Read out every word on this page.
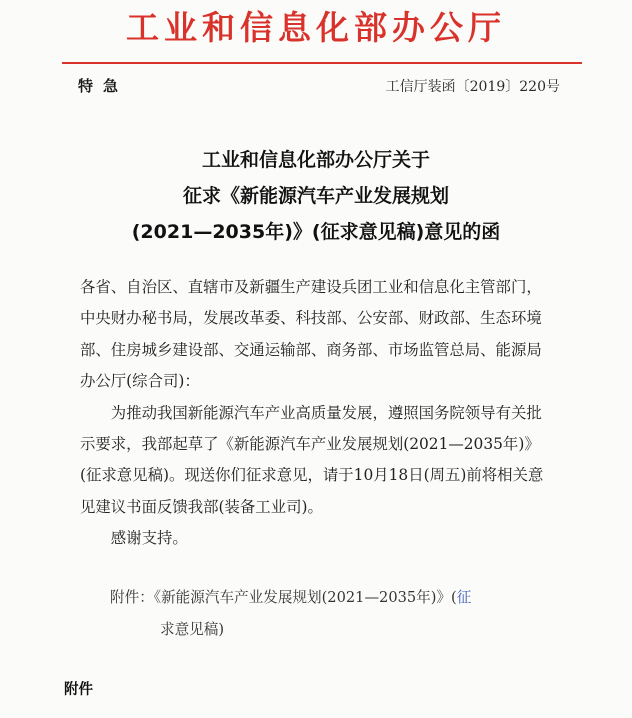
工业和信息化部办公厅
特急	工信厅装函〔2019〕220号
工业和信息化部办公厅关于
征求《新能源汽车产业发展规划
(2021—2035年)》(征求意见稿)意见的函

各省、自治区、直辖市及新疆生产建设兵团工业和信息化主管部门，中央财办秘书局，发展改革委、科技部、公安部、财政部、生态环境部、住房城乡建设部、交通运输部、商务部、市场监管总局、能源局办公厅(综合司)：

为推动我国新能源汽车产业高质量发展，遵照国务院领导有关批示要求，我部起草了《新能源汽车产业发展规划(2021—2035年)》(征求意见稿)。现送你们征求意见，请于10月18日(周五)前将相关意见建议书面反馈我部(装备工业司)。

感谢支持。

附件：《新能源汽车产业发展规划(2021—2035年)》(征
求意见稿)
附件
